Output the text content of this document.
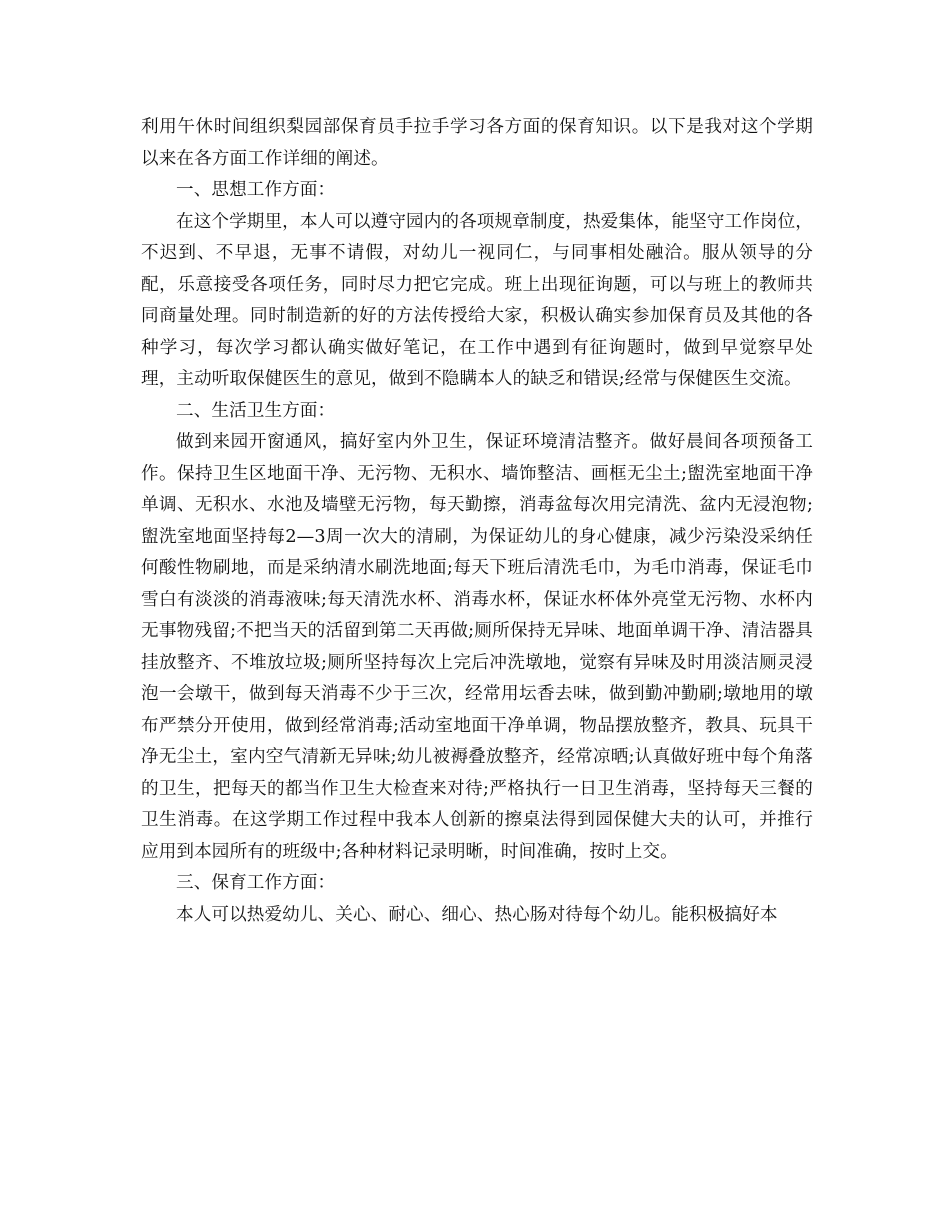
利用午休时间组织梨园部保育员手拉手学习各方面的保育知识。以下是我对这个学期以来在各方面工作详细的阐述。

一、思想工作方面：

在这个学期里，本人可以遵守园内的各项规章制度，热爱集体，能坚守工作岗位，不迟到、不早退，无事不请假，对幼儿一视同仁，与同事相处融洽。服从领导的分配，乐意接受各项任务，同时尽力把它完成。班上出现征询题，可以与班上的教师共同商量处理。同时制造新的好的方法传授给大家，积极认确实参加保育员及其他的各种学习，每次学习都认确实做好笔记，在工作中遇到有征询题时，做到早觉察早处理，主动听取保健医生的意见，做到不隐瞒本人的缺乏和错误;经常与保健医生交流。

二、生活卫生方面：

做到来园开窗通风，搞好室内外卫生，保证环境清洁整齐。做好晨间各项预备工作。保持卫生区地面干净、无污物、无积水、墙饰整洁、画框无尘土;盥洗室地面干净单调、无积水、水池及墙壁无污物，每天勤擦，消毒盆每次用完清洗、盆内无浸泡物;盥洗室地面坚持每2—3周一次大的清刷，为保证幼儿的身心健康，减少污染没采纳任何酸性物刷地，而是采纳清水刷洗地面;每天下班后清洗毛巾，为毛巾消毒，保证毛巾雪白有淡淡的消毒液味;每天清洗水杯、消毒水杯，保证水杯体外亮堂无污物、水杯内无事物残留;不把当天的活留到第二天再做;厕所保持无异味、地面单调干净、清洁器具挂放整齐、不堆放垃圾;厕所坚持每次上完后冲洗墩地，觉察有异味及时用淡洁厕灵浸泡一会墩干，做到每天消毒不少于三次，经常用坛香去味，做到勤冲勤刷;墩地用的墩布严禁分开使用，做到经常消毒;活动室地面干净单调，物品摆放整齐，教具、玩具干净无尘土，室内空气清新无异味;幼儿被褥叠放整齐，经常凉晒;认真做好班中每个角落的卫生，把每天的都当作卫生大检查来对待;严格执行一日卫生消毒，坚持每天三餐的卫生消毒。在这学期工作过程中我本人创新的擦桌法得到园保健大夫的认可，并推行应用到本园所有的班级中;各种材料记录明晰，时间准确，按时上交。

三、保育工作方面：

本人可以热爱幼儿、关心、耐心、细心、热心肠对待每个幼儿。能积极搞好本
